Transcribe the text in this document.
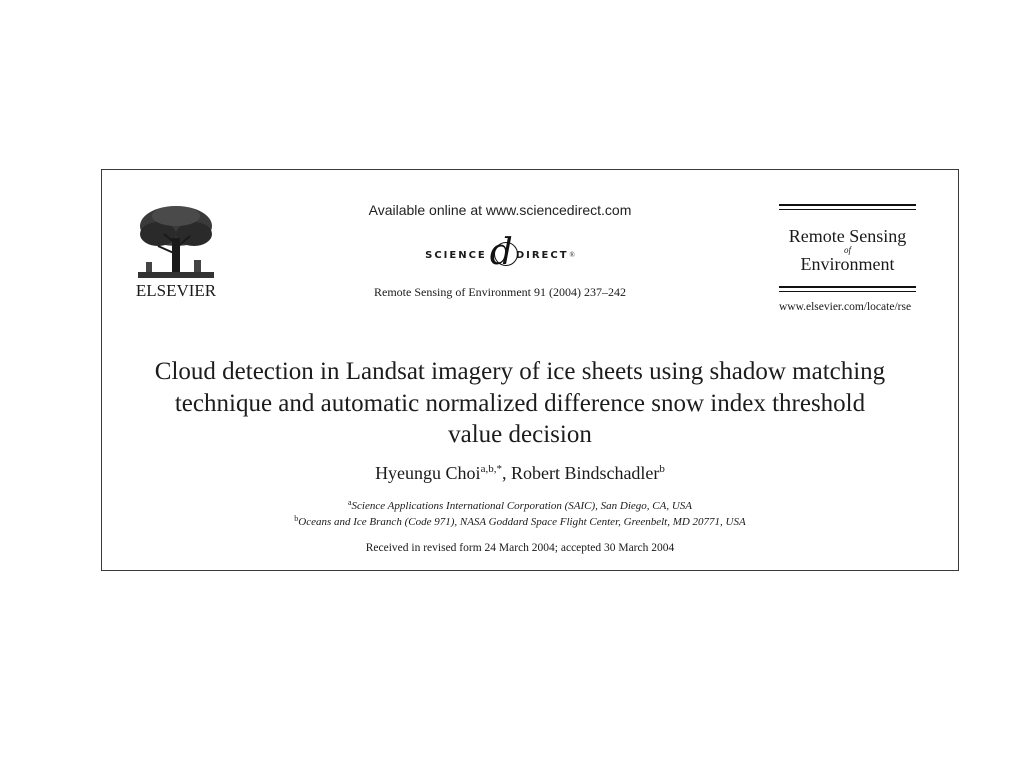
ELSEVIER
Available online at www.sciencedirect.com
SCIENCE d DIRECT ®
Remote Sensing of Environment 91 (2004) 237–242
Remote Sensing
of
Environment
www.elsevier.com/locate/rse
Cloud detection in Landsat imagery of ice sheets using shadow matching technique and automatic normalized difference snow index threshold value decision
Hyeungu Choi$^{a,b,*}$, Robert Bindschadler$^b$
$^a$Science Applications International Corporation (SAIC), San Diego, CA, USA
$^b$Oceans and Ice Branch (Code 971), NASA Goddard Space Flight Center, Greenbelt, MD 20771, USA
Received in revised form 24 March 2004; accepted 30 March 2004
